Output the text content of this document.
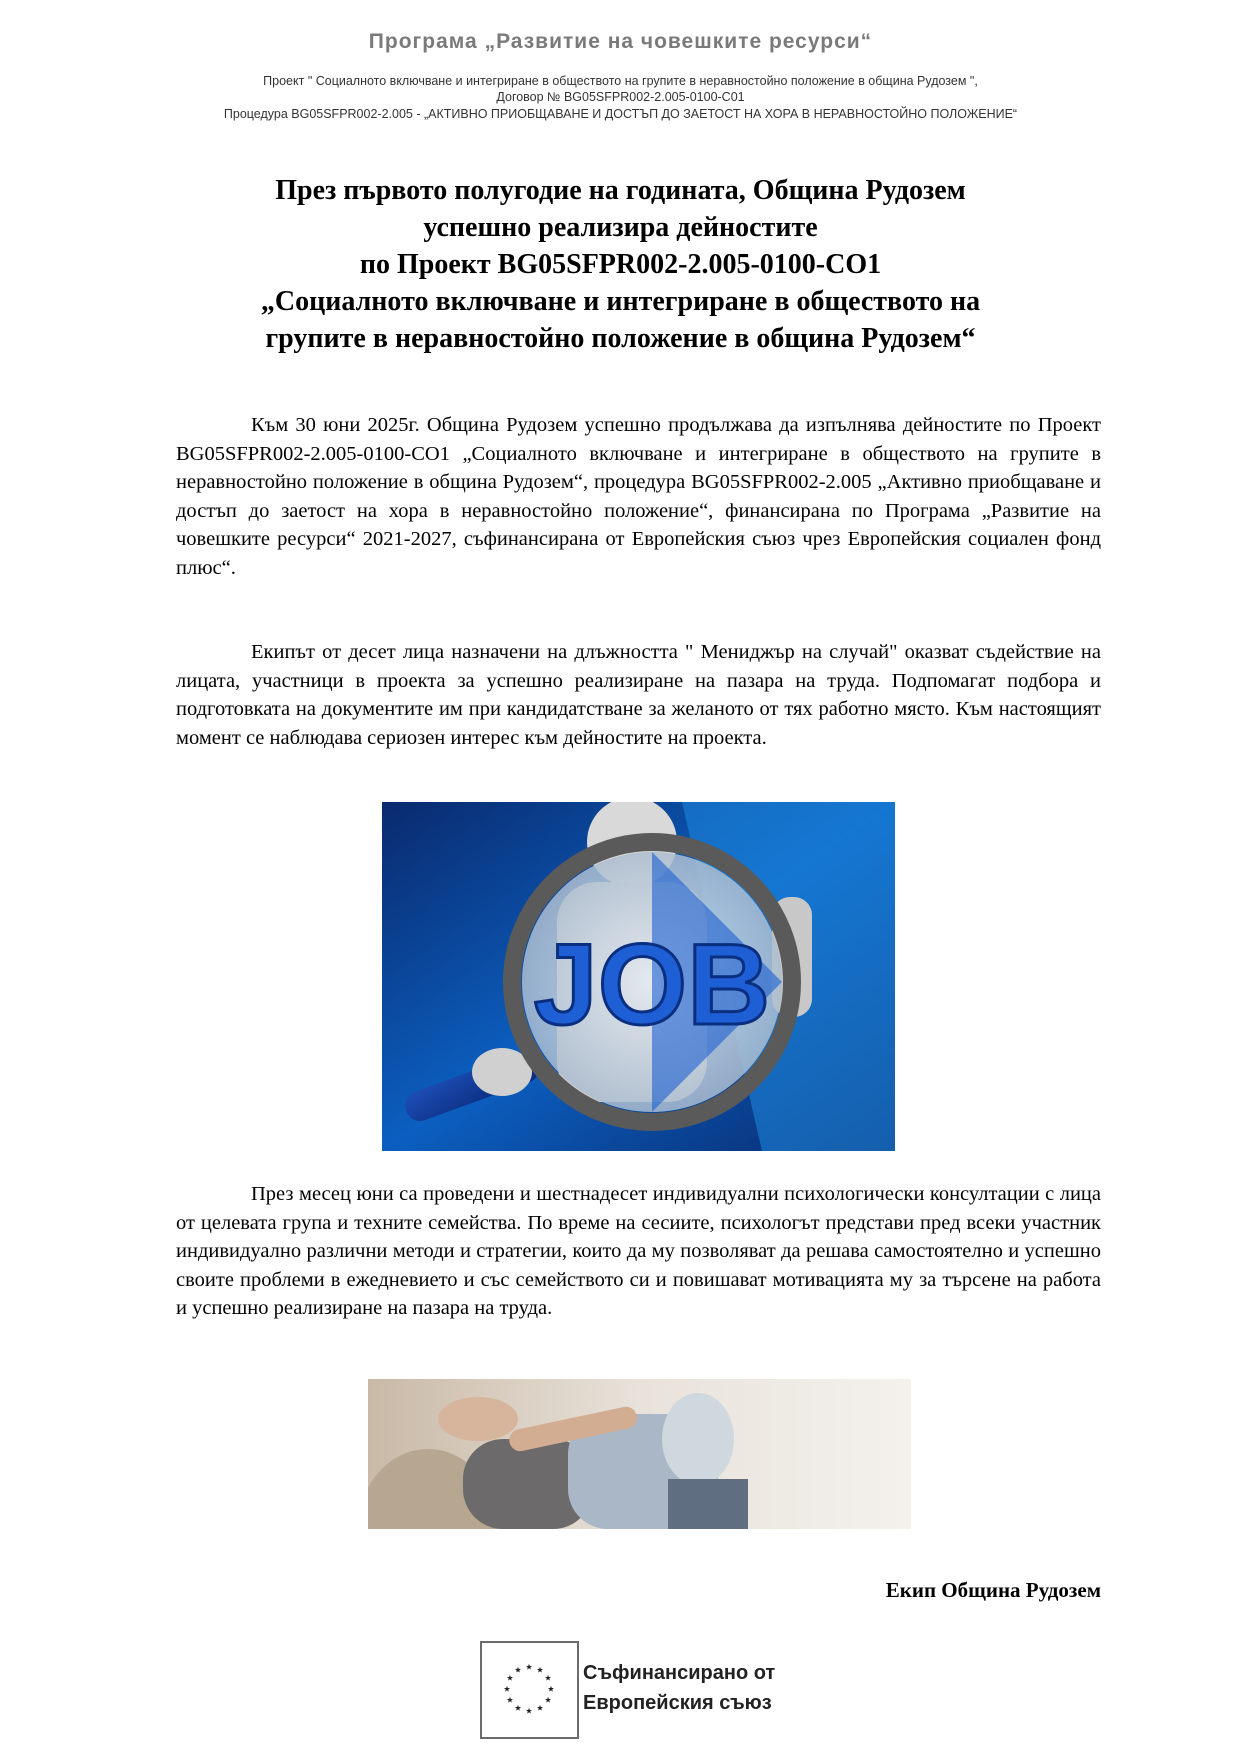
Програма „Развитие на човешките ресурси“
Проект " Социалното включване и интегриране в обществото на групите в неравностойно положение в община Рудозем ",
Договор № BG05SFPR002-2.005-0100-C01
Процедура BG05SFPR002-2.005 - „АКТИВНО ПРИОБЩАВАНЕ И ДОСТЪП ДО ЗАЕТОСТ НА ХОРА В НЕРАВНОСТОЙНО ПОЛОЖЕНИЕ“
През първото полугодие на годината, Община Рудозем
успешно реализира дейностите
по Проект BG05SFPR002-2.005-0100-CO1
„Социалното включване и интегриране в обществото на
групите в неравностойно положение в община Рудозем“

Към 30 юни 2025г. Община Рудозем успешно продължава да изпълнява дейностите по Проект BG05SFPR002-2.005-0100-CO1 „Социалното включване и интегриране в обществото на групите в неравностойно положение в община Рудозем“, процедура BG05SFPR002-2.005 „Активно приобщаване и достъп до заетост на хора в неравностойно положение“, финансирана по Програма „Развитие на човешките ресурси“ 2021-2027, съфинансирана от Европейския съюз чрез Европейския социален фонд плюс“.

Екипът от десет лица назначени на длъжността " Мениджър на случай" оказват съдействие на лицата, участници в проекта за успешно реализиране на пазара на труда. Подпомагат подбора и подготовката на документите им при кандидатстване за желаното от тях работно място. Към настоящият момент се наблюдава сериозен интерес към дейностите на проекта.

JOB

През месец юни са проведени и шестнадесет индивидуални психологически консултации с лица от целевата група и техните семейства. По време на сесиите, психологът представи пред всеки участник индивидуално различни методи и стратегии, които да му позволяват да решава самостоятелно и успешно своите проблеми в ежедневието и със семейството си и повишават мотивацията му за търсене на работа и успешно реализиране на пазара на труда.

Екип Община Рудозем
Съфинансирано от
Европейския съюз
